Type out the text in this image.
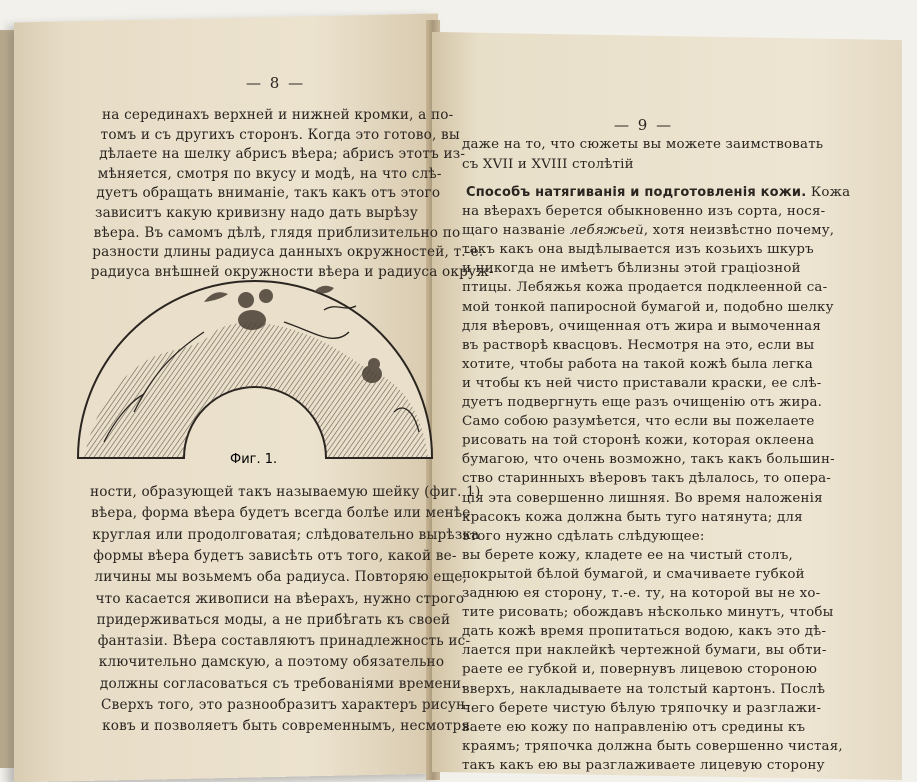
— 8 —
на серединахъ верхней и нижней кромки, а по-
томъ и съ другихъ сторонъ. Когда это готово, вы
дѣлаете на шелку абрисъ вѣера; абрисъ этотъ из-
мѣняется, смотря по вкусу и модѣ, на что слѣ-
дуетъ обращать вниманіе, такъ какъ отъ этого
зависитъ какую кривизну надо дать вырѣзу
вѣера. Въ самомъ дѣлѣ, глядя приблизительно по
разности длины радиуса данныхъ окружностей, т.-е.
радиуса внѣшней окружности вѣера и радиуса окруж-
Фиг. 1.
ности, образующей такъ называемую шейку (фиг. 1)
вѣера, форма вѣера будетъ всегда болѣе или менѣе
круглая или продолговатая; слѣдовательно вырѣзка
формы вѣера будетъ зависѣть отъ того, какой ве-
личины мы возьмемъ оба радиуса. Повторяю еще,
что касается живописи на вѣерахъ, нужно строго
придерживаться моды, а не прибѣгать къ своей
фантазіи. Вѣера составляютъ принадлежность ис-
ключительно дамскую, а поэтому обязательно
должны согласоваться съ требованіями времени.
Сверхъ того, это разнообразитъ характеръ рисун-
ковъ и позволяетъ быть современнымъ, несмотря
— 9 —
даже на то, что сюжеты вы можете заимствовать
съ XVII и XVIII столѣтій
Способъ натягиванія и подготовленія кожи. Кожа
на вѣерахъ берется обыкновенно изъ сорта, нося-
щаго названіе лебяжьей, хотя неизвѣстно почему,
такъ какъ она выдѣлывается изъ козьихъ шкуръ
и никогда не имѣетъ бѣлизны этой граціозной
птицы. Лебяжья кожа продается подклеенной са-
мой тонкой папиросной бумагой и, подобно шелку
для вѣеровъ, очищенная отъ жира и вымоченная
въ растворѣ квасцовъ. Несмотря на это, если вы
хотите, чтобы работа на такой кожѣ была легка
и чтобы къ ней чисто приставали краски, ее слѣ-
дуетъ подвергнуть еще разъ очищенію отъ жира.
Само собою разумѣется, что если вы пожелаете
рисовать на той сторонѣ кожи, которая оклеена
бумагою, что очень возможно, такъ какъ большин-
ство старинныхъ вѣеровъ такъ дѣлалось, то опера-
ція эта совершенно лишняя. Во время наложенія
красокъ кожа должна быть туго натянута; для
этого нужно сдѣлать слѣдующее:
вы берете кожу, кладете ее на чистый столъ,
покрытой бѣлой бумагой, и смачиваете губкой
заднюю ея сторону, т.-е. ту, на которой вы не хо-
тите рисовать; обождавъ нѣсколько минутъ, чтобы
дать кожѣ время пропитаться водою, какъ это дѣ-
лается при наклейкѣ чертежной бумаги, вы обти-
раете ее губкой и, повернувъ лицевою стороною
вверхъ, накладываете на толстый картонъ. Послѣ
чего берете чистую бѣлую тряпочку и разглажи-
ваете ею кожу по направленію отъ средины къ
краямъ; тряпочка должна быть совершенно чистая,
такъ какъ ею вы разглаживаете лицевую сторону
